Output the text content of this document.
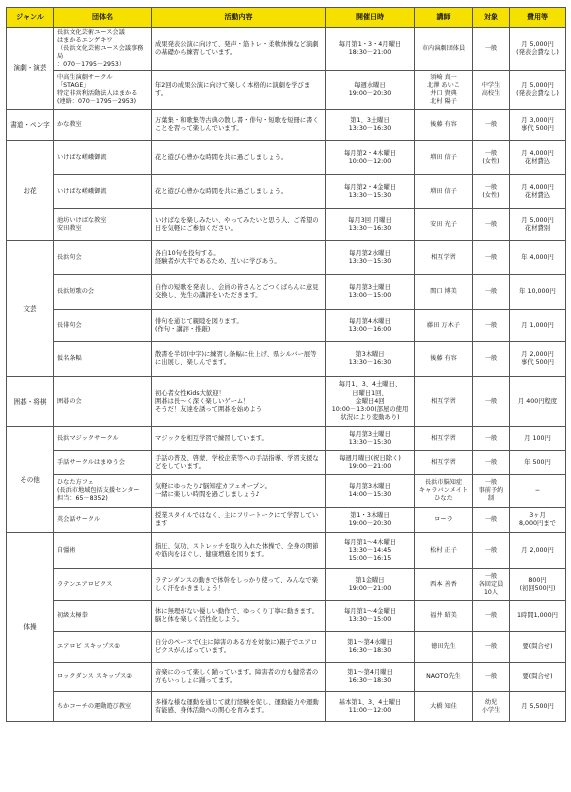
ジャンル	団体名	活動内容	開催日時	講師	対象	費用等
演劇・演芸	長浜文化芸術ユース会議
はまかるエンゲキワ
（長浜文化芸術ユース会議事務局
：070－1795－2953）	成果発表公演に向けて、発声・筋トレ・柔軟体操など演劇の基礎から練習しています。	毎月第1・3・4月曜日
18:30－21:00	市内演劇団体員	一般	月 5,000円
(発表会費なし)
	中高生演劇サークル
「STAGE」
特定非営利活動法人はまかる
(連絡：070－1795－2953)	年2回の成果公演に向けて楽しく本格的に演劇を学びます。	毎週水曜日
19:00－20:30	須崎 真一
北澤 あいこ
井口 貴典
北村 陽子	中学生
高校生	月 5,000円
(発表会費なし)
書道・ペン字	かな教室	万葉集・和歌集等古典の散し書・俳句・短歌を短冊に書くことを習って楽しんでいます。	第1、3土曜日
13:30－16:30	後藤 有容	一般	月 3,000円
事代 500円
お花	いけばな嵯峨御流	花と遊び心豊かな時間を共に過ごしましょう。	毎月第2・4木曜日
10:00－12:00	増田 信子	一般
(女性)	月 4,000円
花材費込
	いけばな嵯峨御流	花と遊び心豊かな時間を共に過ごしましょう。	毎月第2・4金曜日
13:30－15:30	増田 信子	一般
(女性)	月 4,000円
花材費込
	池坊いけばな教室
安田教室	いけばなを楽しみたい、やってみたいと思う人、ご希望の日を気軽にご参加ください。	毎月3回 月曜日
13:30－16:30	安田 光子	一般	月 5,000円
花材費別
文芸	長浜句会	各自10句を投句する。
経験者が大半であるため、互いに学びあう。	毎月第2水曜日
13:30－15:30	相互学習	一般	年 4,000円
	長浜短歌の会	自作の短歌を発表し、会員の皆さんとごつくばらんに意見交換し、先生の講評をいただきます。	毎月第3土曜日
13:00－15:00	関口 博美	一般	年 10,000円
	長俳句会	俳句を通じて親睦を図ります。
(作句・講評・推敲)	毎月第4木曜日
13:00－16:00	藤田 万木子	一般	月 1,000円
	仮名条幅	散書を半切(中字)に練習し条幅に仕上げ、県シルバー展等に出展し、楽しんでます。	第3木曜日
13:30－16:30	後藤 有容	一般	月 2,000円
事代 500円
囲碁・将棋	囲碁の会	初心者女性Kids大歓迎！
囲碁は長〜く深く楽しいゲーム！
そうだ！友達を誘って囲碁を始めよう	毎月1、3、4土曜日、
日曜日1回、
金曜日4回
10:00－13:00(部屋の使用状況により変動あり)	相互学習	一般	月 400円程度
その他	長浜マジックサークル	マジックを相互学習で練習しています。	毎月第3土曜日
13:30－15:30	相互学習	一般	月 100円
	手話サークルはまゆう会	手話の普及、啓蒙、学校企業等への手話指導、学習支援などをしています。	毎週月曜日(祝日除く)
19:00－21:00	相互学習	一般	年 500円
	ひなた方フェ
(長浜市地域包括支援センター
担当：65－8352)	気軽にゆったり♪脳知症カフェオープン。
一緒に楽しい時間を過ごしましょう♪	毎月第3木曜日
14:00－15:30	長浜市脳知症
キャラバンメイト
ひなた	一般
事前予約制	−
	英会話サークル	授業スタイルではなく、主にフリートークにて学習しています	第1・3木曜日
19:00－20:30	ローラ	一般	3ヶ月
8,000円まで
体操	自彊術	指圧、気功、ストレッチを取り入れた体操で、全身の関節や筋肉をほぐし、健康増進を図ります。	毎月第1〜4木曜日
13:30－14:45
15:00－16:15	松村 正子	一般	月 2,000円
	ラテンエアロビクス	ラテンダンスの動きで体幹をしっかり使って、みんなで楽しく汗をかきましょう！	第1金曜日
19:00－21:00	西本 善香	一般
各回定員
10人	800円
(初回500円)
	初級太極拳	体に無理がない優しい動作で、ゆっくり丁寧に動きます。脳と体を楽しく活性化しよう。	毎月第1〜4金曜日
13:30－15:00	福井 昭美	一般	1時間1,000円
	エアロビ スキップス①	自分のペースで(主に障害のある方を対象に)親子でエアロビクスがんばっています。	第1〜第4水曜日
16:30－18:30	徳田先生	一般	要(問合せ)
	ロックダンス スキップス②	音楽にのって楽しく踊っています。障害者の方も健常者の方もいっしょに踊ってます。	第1〜第4月曜日
16:30－18:30	NAOTO先生	一般	要(問合せ)
	ちかコーチの運動遊び教室	多様な様な運動を通じて就行経験を促し、運動能力や運動有能感、身体活動への関心を育みます。	基本第1、3、4土曜日
11:00－12:00	大橋 知佳	幼児
小学生	月 5,500円
